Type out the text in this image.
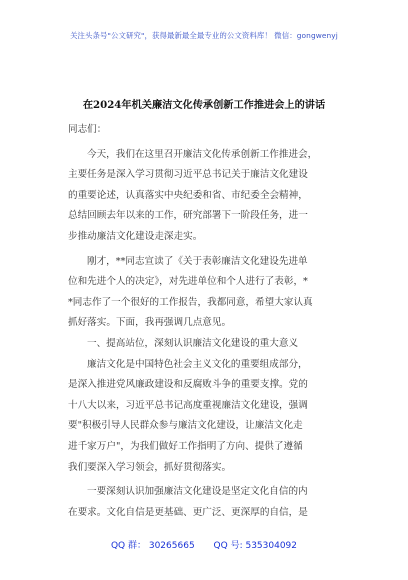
关注头条号"公文研究"，获得最新最全最专业的公文资料库！ 微信：gongwenyj
在2024年机关廉洁文化传承创新工作推进会上的讲话

同志们：

今天，我们在这里召开廉洁文化传承创新工作推进会，

主要任务是深入学习贯彻习近平总书记关于廉洁文化建设

的重要论述，认真落实中央纪委和省、市纪委全会精神，

总结回顾去年以来的工作，研究部署下一阶段任务，进一

步推动廉洁文化建设走深走实。

刚才，**同志宣读了《关于表彰廉洁文化建设先进单

位和先进个人的决定》，对先进单位和个人进行了表彰，*

*同志作了一个很好的工作报告，我都同意，希望大家认真

抓好落实。下面，我再强调几点意见。

一、提高站位，深刻认识廉洁文化建设的重大意义

廉洁文化是中国特色社会主义文化的重要组成部分，

是深入推进党风廉政建设和反腐败斗争的重要支撑。党的

十八大以来，习近平总书记高度重视廉洁文化建设，强调

要"积极引导人民群众参与廉洁文化建设，让廉洁文化走

进千家万户"，为我们做好工作指明了方向、提供了遵循

我们要深入学习领会，抓好贯彻落实。

一要深刻认识加强廉洁文化建设是坚定文化自信的内

在要求。文化自信是更基础、更广泛、更深厚的自信，是

QQ 群： 30265665 QQ 号: 535304092
